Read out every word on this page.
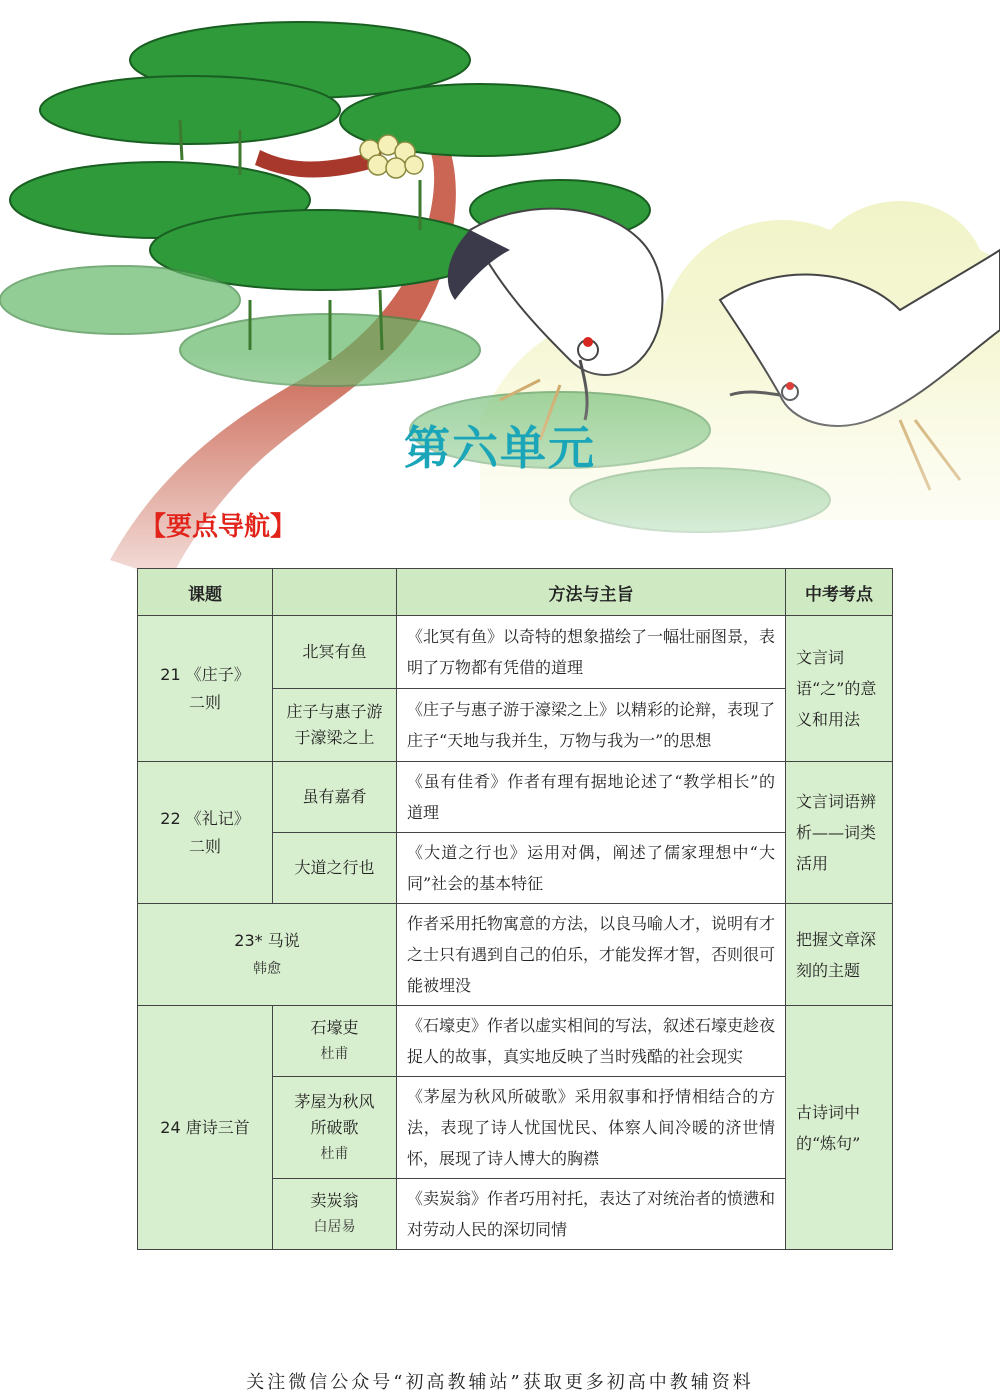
第六单元
【要点导航】
课题		方法与主旨	中考考点

21 《庄子》
二则	北冥有鱼	《北冥有鱼》以奇特的想象描绘了一幅壮丽图景，表明了万物都有凭借的道理	文言词语“之”的意义和用法
	庄子与惠子游于濠梁之上	《庄子与惠子游于濠梁之上》以精彩的论辩，表现了庄子“天地与我并生，万物与我为一”的思想	

22 《礼记》
二则	虽有嘉肴	《虽有佳肴》作者有理有据地论述了“教学相长”的道理	文言词语辨析——词类活用
	大道之行也	《大道之行也》运用对偶，阐述了儒家理想中“大同”社会的基本特征	

23* 马说
韩愈		作者采用托物寓意的方法，以良马喻人才，说明有才之士只有遇到自己的伯乐，才能发挥才智，否则很可能被埋没	把握文章深刻的主题
24 唐诗三首	石壕吏
杜甫	《石壕吏》作者以虚实相间的写法，叙述石壕吏趁夜捉人的故事，真实地反映了当时残酷的社会现实	古诗词中的“炼句”

	茅屋为秋风所破歌
杜甫	《茅屋为秋风所破歌》采用叙事和抒情相结合的方法，表现了诗人忧国忧民、体察人间冷暖的济世情怀，展现了诗人博大的胸襟	

	卖炭翁
白居易	《卖炭翁》作者巧用衬托，表达了对统治者的愤懑和对劳动人民的深切同情	

关注微信公众号“初高教辅站”获取更多初高中教辅资料
